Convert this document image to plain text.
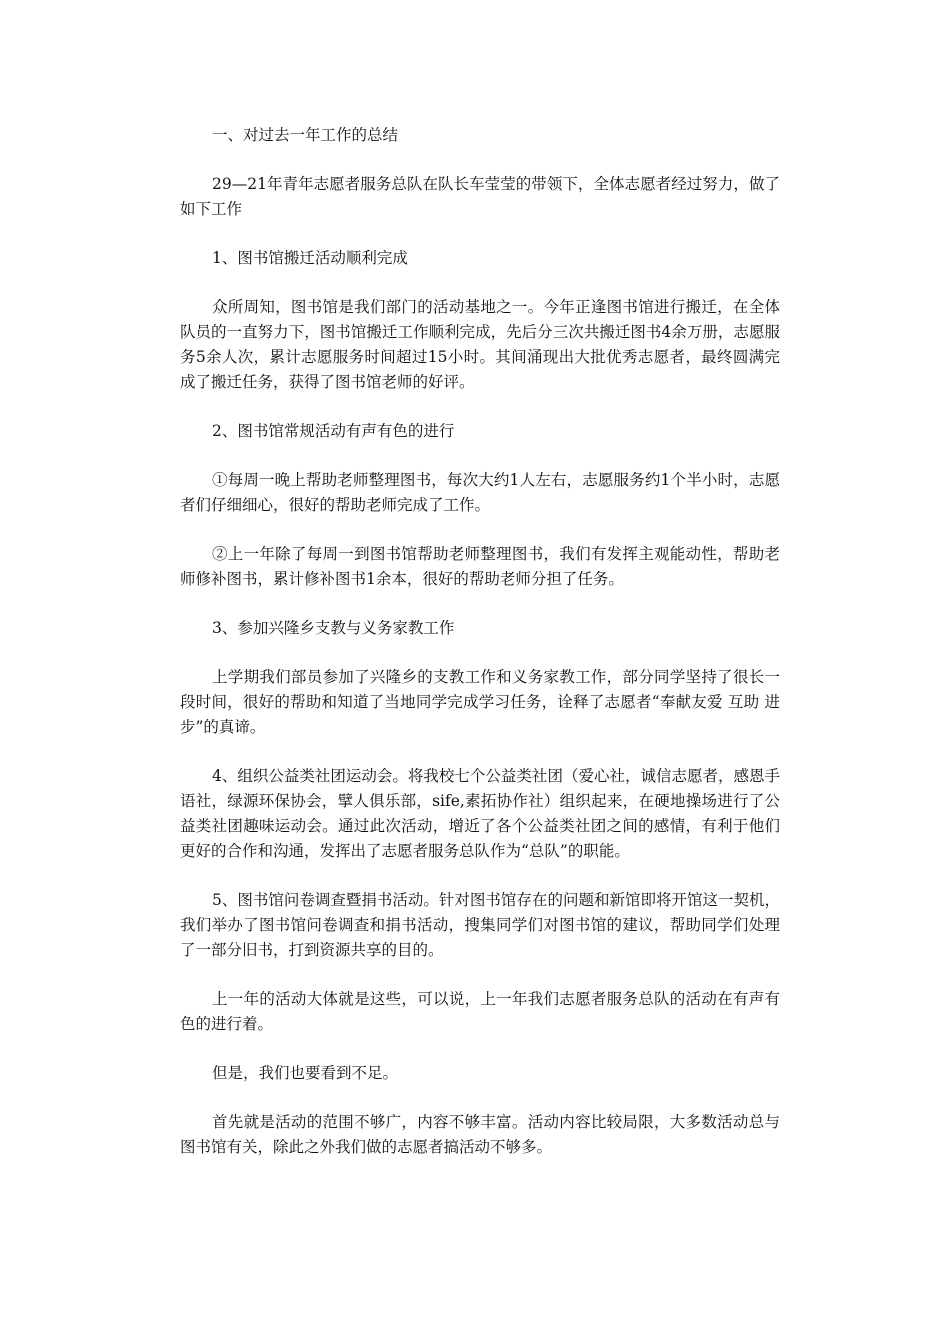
一、对过去一年工作的总结

29—21年青年志愿者服务总队在队长车莹莹的带领下，全体志愿者经过努力，做了如下工作

1、图书馆搬迁活动顺利完成

众所周知，图书馆是我们部门的活动基地之一。今年正逢图书馆进行搬迁，在全体队员的一直努力下，图书馆搬迁工作顺利完成，先后分三次共搬迁图书4余万册，志愿服务5余人次，累计志愿服务时间超过15小时。其间涌现出大批优秀志愿者，最终圆满完成了搬迁任务，获得了图书馆老师的好评。

2、图书馆常规活动有声有色的进行

①每周一晚上帮助老师整理图书，每次大约1人左右，志愿服务约1个半小时，志愿者们仔细细心，很好的帮助老师完成了工作。

②上一年除了每周一到图书馆帮助老师整理图书，我们有发挥主观能动性，帮助老师修补图书，累计修补图书1余本，很好的帮助老师分担了任务。

3、参加兴隆乡支教与义务家教工作

上学期我们部员参加了兴隆乡的支教工作和义务家教工作，部分同学坚持了很长一段时间，很好的帮助和知道了当地同学完成学习任务，诠释了志愿者“奉献友爱 互助 进步”的真谛。

4、组织公益类社团运动会。将我校七个公益类社团（爱心社，诚信志愿者，感恩手语社，绿源环保协会，擘人俱乐部，sife,素拓协作社）组织起来，在硬地操场进行了公益类社团趣味运动会。通过此次活动，增近了各个公益类社团之间的感情，有利于他们更好的合作和沟通，发挥出了志愿者服务总队作为“总队”的职能。

5、图书馆问卷调查暨捐书活动。针对图书馆存在的问题和新馆即将开馆这一契机，我们举办了图书馆问卷调查和捐书活动，搜集同学们对图书馆的建议，帮助同学们处理了一部分旧书，打到资源共享的目的。

上一年的活动大体就是这些，可以说，上一年我们志愿者服务总队的活动在有声有色的进行着。

但是，我们也要看到不足。

首先就是活动的范围不够广，内容不够丰富。活动内容比较局限，大多数活动总与图书馆有关，除此之外我们做的志愿者搞活动不够多。
